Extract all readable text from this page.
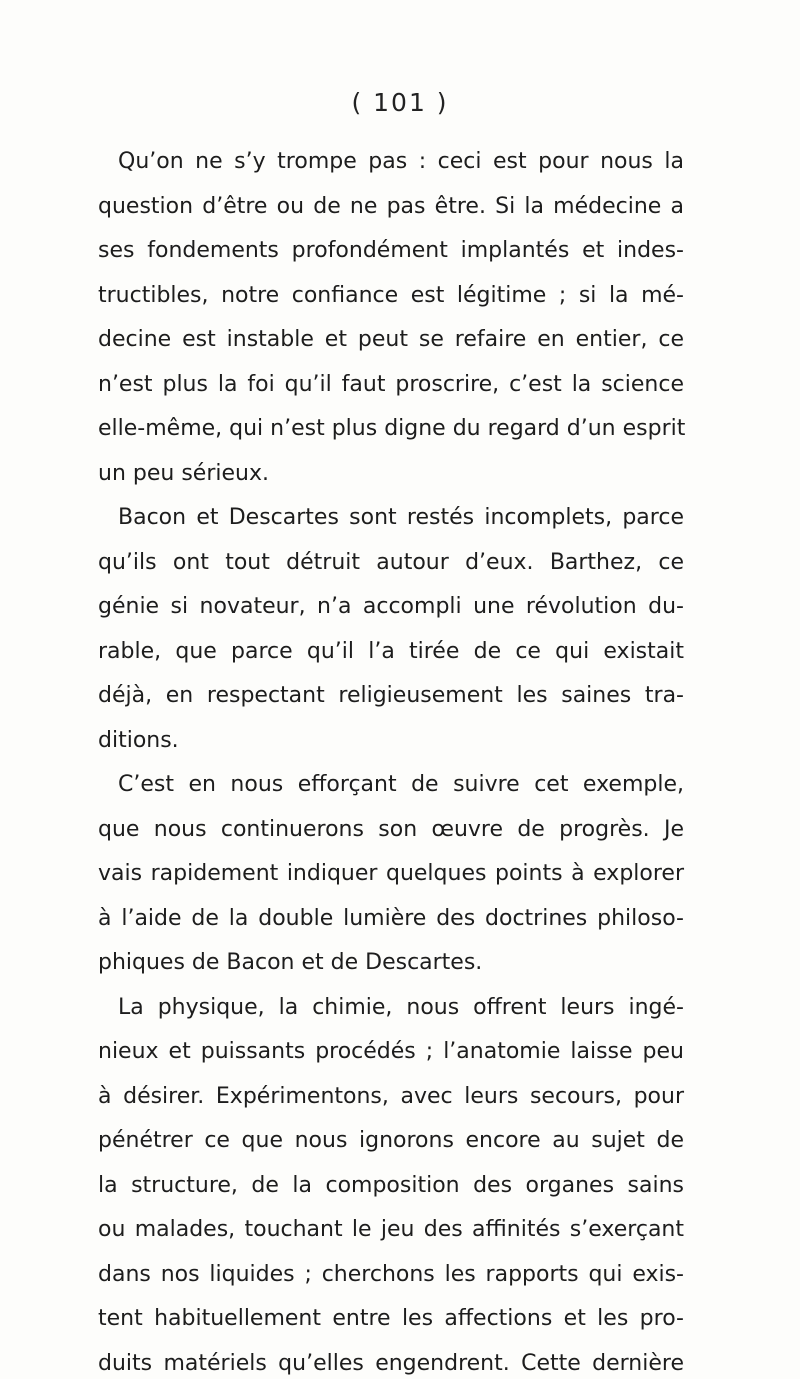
( 101 )
Qu’on ne s’y trompe pas : ceci est pour nous la
question d’être ou de ne pas être. Si la médecine a
ses fondements profondément implantés et indes-
tructibles, notre confiance est légitime ; si la mé-
decine est instable et peut se refaire en entier, ce
n’est plus la foi qu’il faut proscrire, c’est la science
elle-même, qui n’est plus digne du regard d’un esprit
un peu sérieux.
Bacon et Descartes sont restés incomplets, parce
qu’ils ont tout détruit autour d’eux. Barthez, ce
génie si novateur, n’a accompli une révolution du-
rable, que parce qu’il l’a tirée de ce qui existait
déjà, en respectant religieusement les saines tra-
ditions.
C’est en nous efforçant de suivre cet exemple,
que nous continuerons son œuvre de progrès. Je
vais rapidement indiquer quelques points à explorer
à l’aide de la double lumière des doctrines philoso-
phiques de Bacon et de Descartes.
La physique, la chimie, nous offrent leurs ingé-
nieux et puissants procédés ; l’anatomie laisse peu
à désirer. Expérimentons, avec leurs secours, pour
pénétrer ce que nous ignorons encore au sujet de
la structure, de la composition des organes sains
ou malades, touchant le jeu des affinités s’exerçant
dans nos liquides ; cherchons les rapports qui exis-
tent habituellement entre les affections et les pro-
duits matériels qu’elles engendrent. Cette dernière
